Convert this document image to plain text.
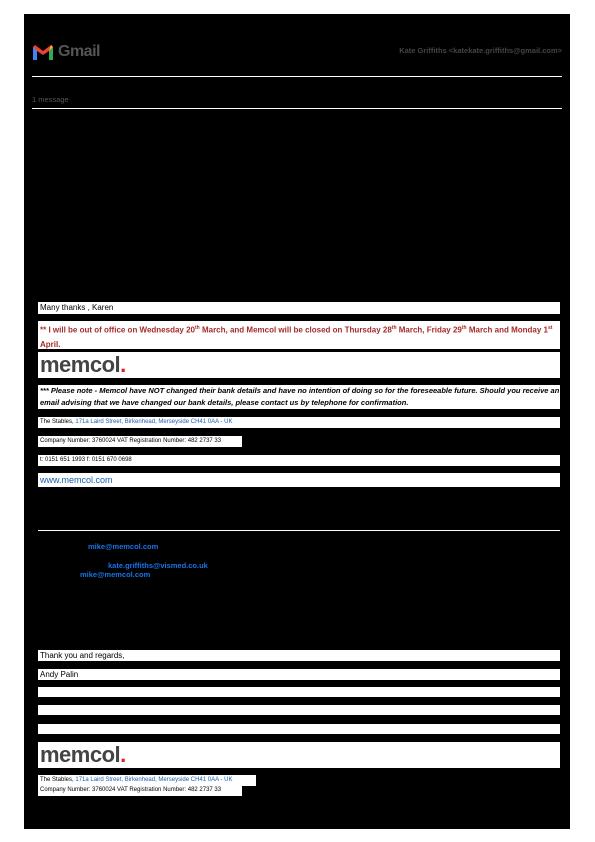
Gmail	Kate Griffiths <katekate.griffiths@gmail.com>
1 message
Many thanks , Karen
** I will be out of office on Wednesday 20th March, and Memcol will be closed on Thursday 28th March, Friday 29th March and Monday 1st April.
memcol.
*** Please note - Memcol have NOT changed their bank details and have no intention of doing so for the foreseeable future. Should you receive an email advising that we have changed our bank details, please contact us by telephone for confirmation.
The Stables, 171a Laird Street, Birkenhead, Merseyside CH41 0AA - UK
Company Number: 3760024 VAT Registration Number: 482 2737 33
t: 0151 651 1993 f: 0151 670 0698
www.memcol.com
mike@memcol.com
kate.griffiths@vismed.co.uk
mike@memcol.com
Thank you and regards,
Andy Palin
memcol.
The Stables, 171a Laird Street, Birkenhead, Merseyside CH41 0AA - UK
Company Number: 3760024 VAT Registration Number: 482 2737 33
